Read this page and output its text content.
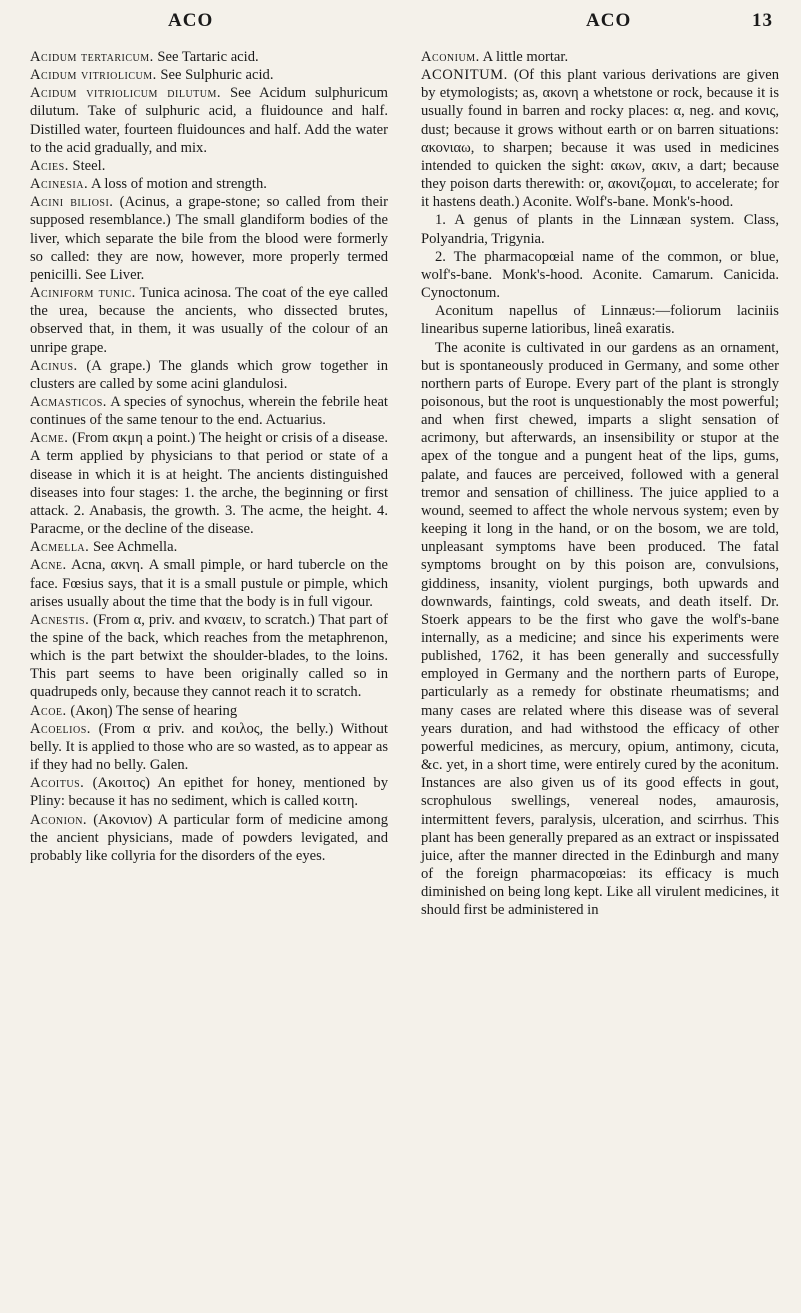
ACO	ACO	13

Acidum tertaricum. See Tartaric acid.

Acidum vitriolicum. See Sulphuric acid.

Acidum vitriolicum dilutum. See Acidum sulphuricum dilutum. Take of sulphuric acid, a fluidounce and half. Distilled water, fourteen fluidounces and half. Add the water to the acid gradually, and mix.

Acies. Steel.

Acinesia. A loss of motion and strength.

Acini biliosi. (Acinus, a grape-stone; so called from their supposed resemblance.) The small glandiform bodies of the liver, which separate the bile from the blood were formerly so called: they are now, however, more properly termed penicilli. See Liver.

Aciniform tunic. Tunica acinosa. The coat of the eye called the urea, because the ancients, who dissected brutes, observed that, in them, it was usually of the colour of an unripe grape.

Acinus. (A grape.) The glands which grow together in clusters are called by some acini glandulosi.

Acmasticos. A species of synochus, wherein the febrile heat continues of the same tenour to the end. Actuarius.

Acme. (From ακμη a point.) The height or crisis of a disease. A term applied by physicians to that period or state of a disease in which it is at height. The ancients distinguished diseases into four stages: 1. the arche, the beginning or first attack. 2. Anabasis, the growth. 3. The acme, the height. 4. Paracme, or the decline of the disease.

Acmella. See Achmella.

Acne. Acna, ακνη. A small pimple, or hard tubercle on the face. Fœsius says, that it is a small pustule or pimple, which arises usually about the time that the body is in full vigour.

Acnestis. (From α, priv. and κναειν, to scratch.) That part of the spine of the back, which reaches from the metaphrenon, which is the part betwixt the shoulder-blades, to the loins. This part seems to have been originally called so in quadrupeds only, because they cannot reach it to scratch.

Acoe. (Ακοη) The sense of hearing

Acoelios. (From α priv. and κοιλος, the belly.) Without belly. It is applied to those who are so wasted, as to appear as if they had no belly. Galen.

Acoitus. (Ακοιτος) An epithet for honey, mentioned by Pliny: because it has no sediment, which is called κοιτη.

Aconion. (Ακονιον) A particular form of medicine among the ancient physicians, made of powders levigated, and probably like collyria for the disorders of the eyes.

Aconium. A little mortar.

ACONITUM. (Of this plant various derivations are given by etymologists; as, ακονη a whetstone or rock, because it is usually found in barren and rocky places: α, neg. and κονις, dust; because it grows without earth or on barren situations: ακονιαω, to sharpen; because it was used in medicines intended to quicken the sight: ακων, ακιν, a dart; because they poison darts therewith: or, ακονιζομαι, to accelerate; for it hastens death.) Aconite. Wolf's-bane. Monk's-hood.

1. A genus of plants in the Linnæan system. Class, Polyandria, Trigynia.

2. The pharmacopœial name of the common, or blue, wolf's-bane. Monk's-hood. Aconite. Camarum. Canicida. Cynoctonum.

Aconitum napellus of Linnæus:—foliorum laciniis linearibus superne latioribus, lineâ exaratis.

The aconite is cultivated in our gardens as an ornament, but is spontaneously produced in Germany, and some other northern parts of Europe. Every part of the plant is strongly poisonous, but the root is unquestionably the most powerful; and when first chewed, imparts a slight sensation of acrimony, but afterwards, an insensibility or stupor at the apex of the tongue and a pungent heat of the lips, gums, palate, and fauces are perceived, followed with a general tremor and sensation of chilliness. The juice applied to a wound, seemed to affect the whole nervous system; even by keeping it long in the hand, or on the bosom, we are told, unpleasant symptoms have been produced. The fatal symptoms brought on by this poison are, convulsions, giddiness, insanity, violent purgings, both upwards and downwards, faintings, cold sweats, and death itself. Dr. Stoerk appears to be the first who gave the wolf's-bane internally, as a medicine; and since his experiments were published, 1762, it has been generally and successfully employed in Germany and the northern parts of Europe, particularly as a remedy for obstinate rheumatisms; and many cases are related where this disease was of several years duration, and had withstood the efficacy of other powerful medicines, as mercury, opium, antimony, cicuta, &c. yet, in a short time, were entirely cured by the aconitum. Instances are also given us of its good effects in gout, scrophulous swellings, venereal nodes, amaurosis, intermittent fevers, paralysis, ulceration, and scirrhus. This plant has been generally prepared as an extract or inspissated juice, after the manner directed in the Edinburgh and many of the foreign pharmacopœias: its efficacy is much diminished on being long kept. Like all virulent medicines, it should first be administered in
